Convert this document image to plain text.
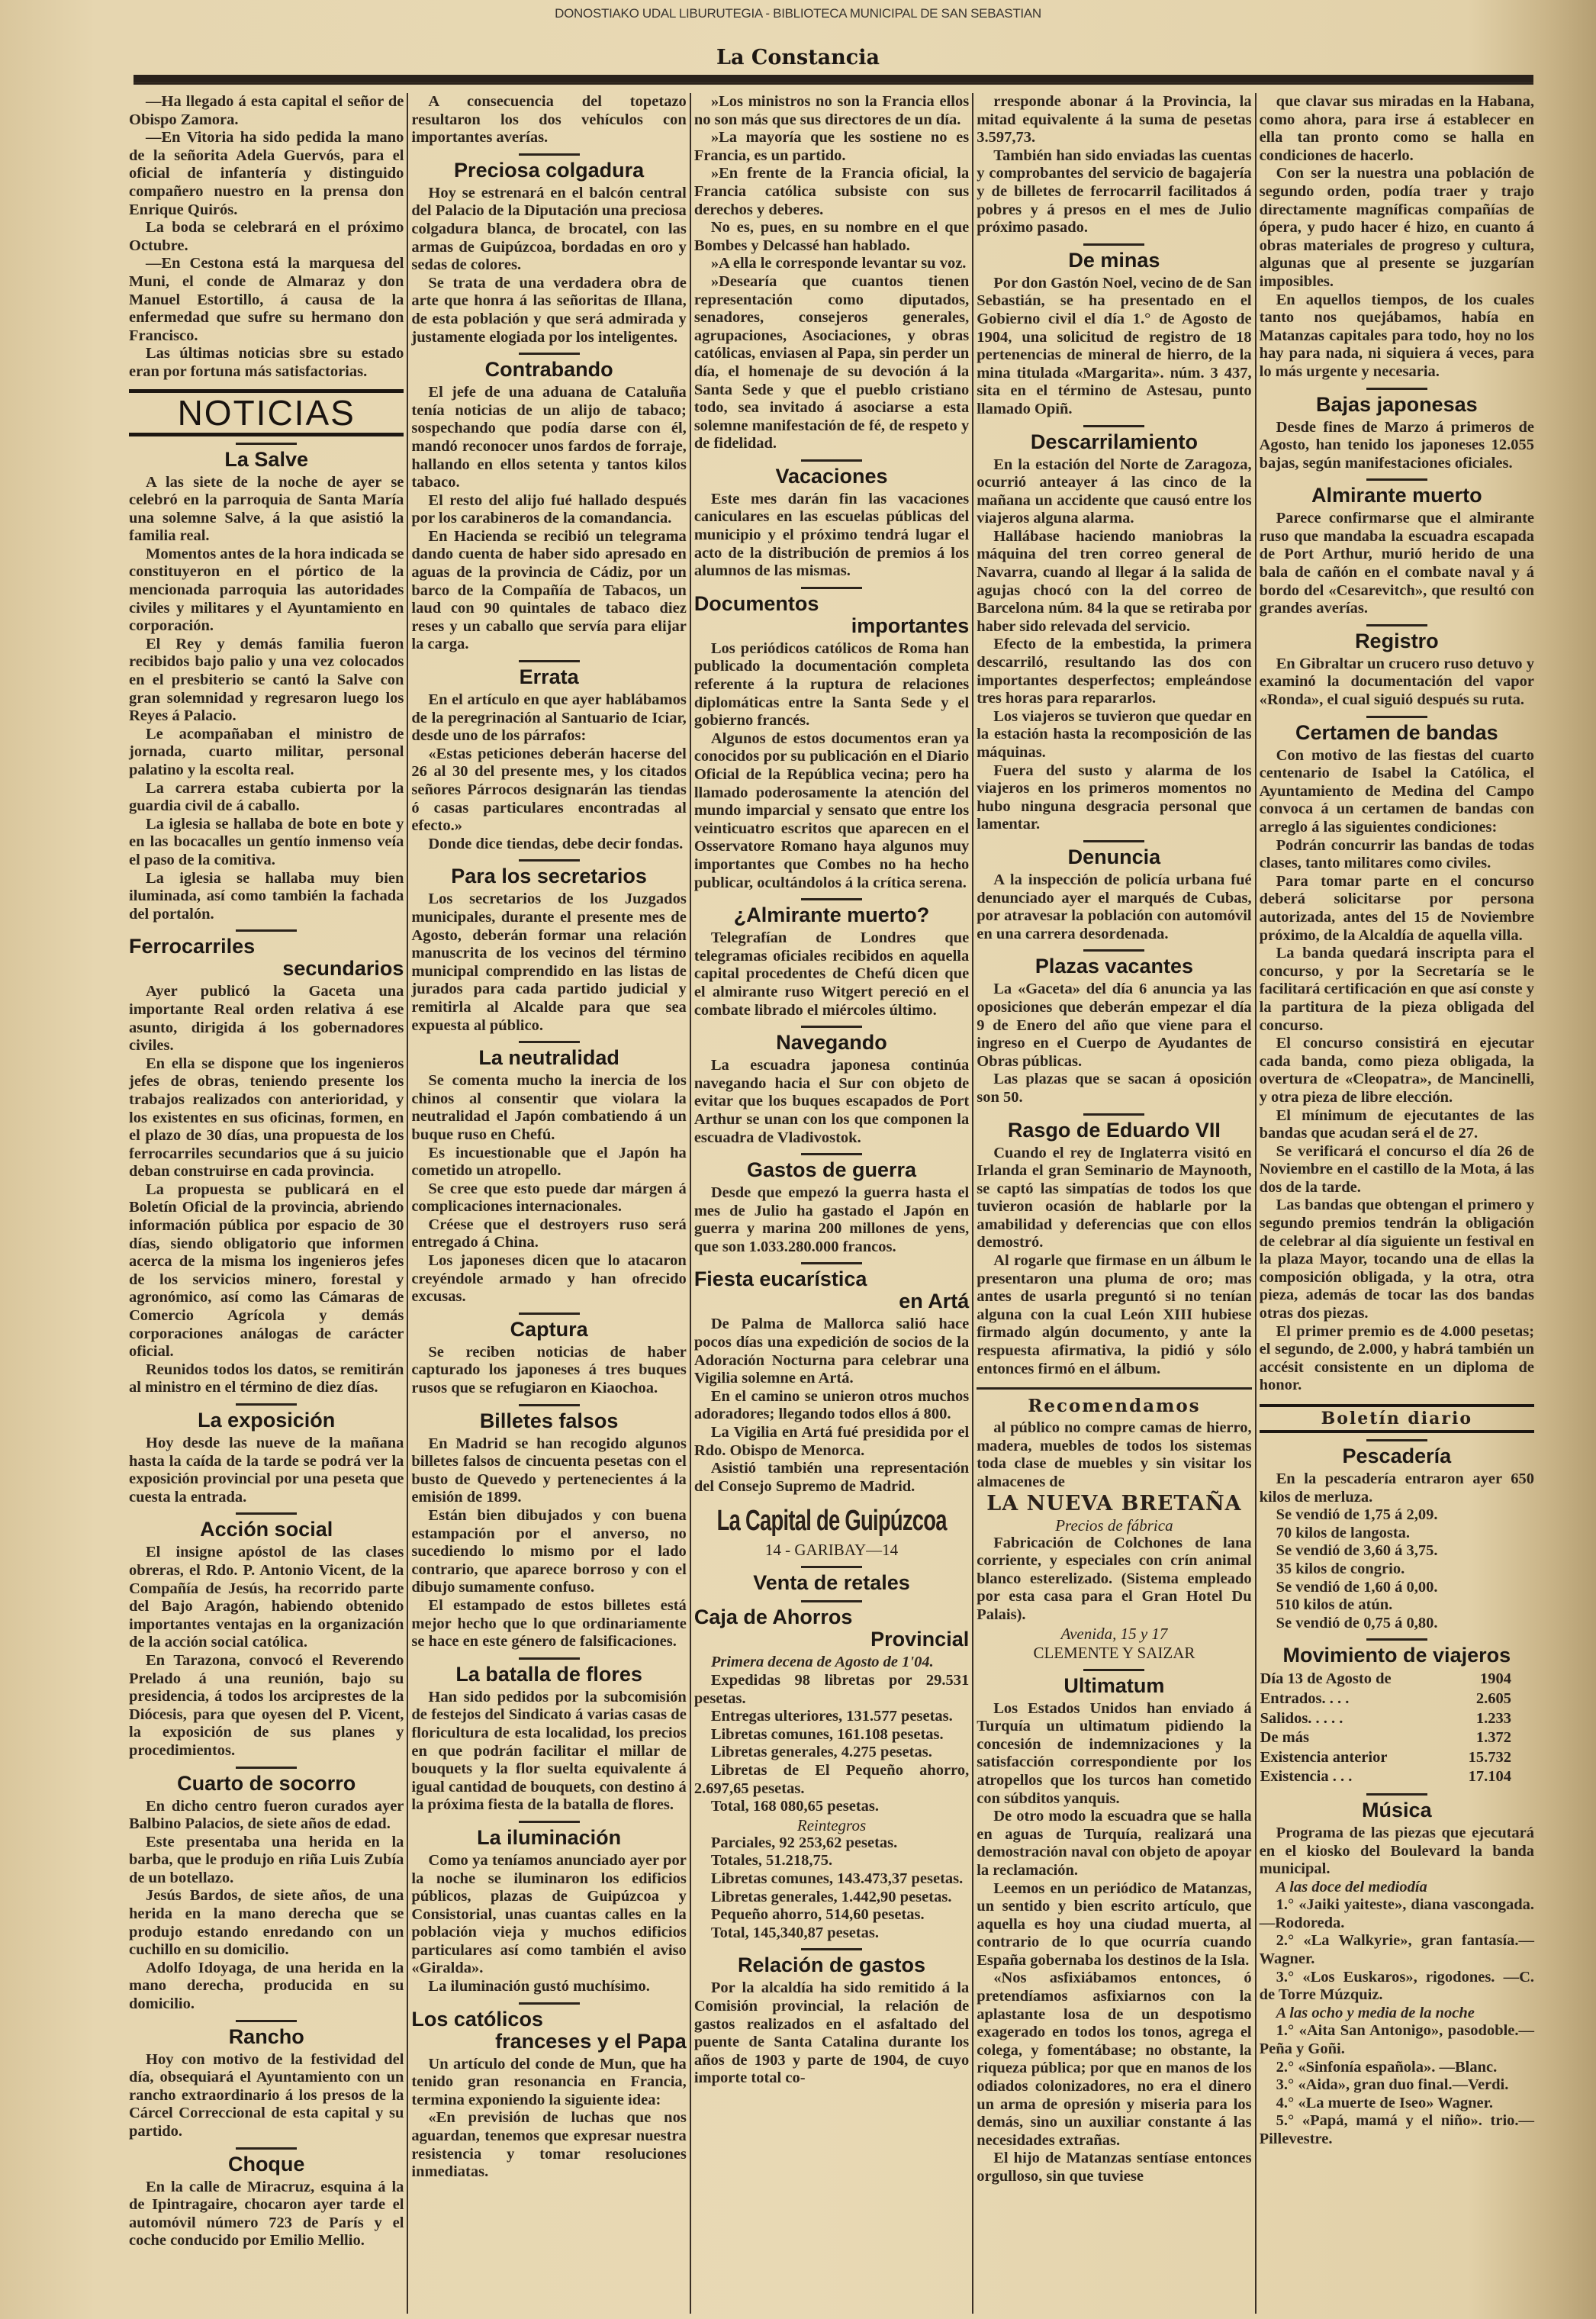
DONOSTIAKO UDAL LIBURUTEGIA - BIBLIOTECA MUNICIPAL DE SAN SEBASTIAN
La Constancia

—Ha llegado á esta capital el señor de Obispo Zamora.

—En Vitoria ha sido pedida la mano de la señorita Adela Guervós, para el oficial de infantería y distinguido compañero nuestro en la prensa don Enrique Quirós.

La boda se celebrará en el próximo Octubre.

—En Cestona está la marquesa del Muni, el conde de Almaraz y don Manuel Estortillo, á causa de la enfermedad que sufre su hermano don Francisco.

Las últimas noticias sbre su estado eran por fortuna más satisfactorias.

NOTICIAS
La Salve

A las siete de la noche de ayer se celebró en la parroquia de Santa María una solemne Salve, á la que asistió la familia real.

Momentos antes de la hora indicada se constituyeron en el pórtico de la mencionada parroquia las autoridades civiles y militares y el Ayuntamiento en corporación.

El Rey y demás familia fueron recibidos bajo palio y una vez colocados en el presbiterio se cantó la Salve con gran solemnidad y regresaron luego los Reyes á Palacio.

Le acompañaban el ministro de jornada, cuarto militar, personal palatino y la escolta real.

La carrera estaba cubierta por la guardia civil de á caballo.

La iglesia se hallaba de bote en bote y en las bocacalles un gentío inmenso veía el paso de la comitiva.

La iglesia se hallaba muy bien iluminada, así como también la fachada del portalón.

Ferrocarriles
secundarios

Ayer publicó la Gaceta una importante Real orden relativa á ese asunto, dirigida á los gobernadores civiles.

En ella se dispone que los ingenieros jefes de obras, teniendo presente los trabajos realizados con anterioridad, y los existentes en sus oficinas, formen, en el plazo de 30 días, una propuesta de los ferrocarriles secundarios que á su juicio deban construirse en cada provincia.

La propuesta se publicará en el Boletín Oficial de la provincia, abriendo información pública por espacio de 30 días, siendo obligatorio que informen acerca de la misma los ingenieros jefes de los servicios minero, forestal y agronómico, así como las Cámaras de Comercio Agrícola y demás corporaciones análogas de carácter oficial.

Reunidos todos los datos, se remitirán al ministro en el término de diez días.

La exposición

Hoy desde las nueve de la mañana hasta la caída de la tarde se podrá ver la exposición provincial por una peseta que cuesta la entrada.

Acción social

El insigne apóstol de las clases obreras, el Rdo. P. Antonio Vicent, de la Compañía de Jesús, ha recorrido parte del Bajo Aragón, habiendo obtenido importantes ventajas en la organización de la acción social católica.

En Tarazona, convocó el Reverendo Prelado á una reunión, bajo su presidencia, á todos los arciprestes de la Diócesis, para que oyesen del P. Vicent, la exposición de sus planes y procedimientos.

Cuarto de socorro

En dicho centro fueron curados ayer Balbino Palacios, de siete años de edad.

Este presentaba una herida en la barba, que le produjo en riña Luis Zubía de un botellazo.

Jesús Bardos, de siete años, de una herida en la mano derecha que se produjo estando enredando con un cuchillo en su domicilio.

Adolfo Idoyaga, de una herida en la mano derecha, producida en su domicilio.

Rancho

Hoy con motivo de la festividad del día, obsequiará el Ayuntamiento con un rancho extraordinario á los presos de la Cárcel Correccional de esta capital y su partido.

Choque

En la calle de Miracruz, esquina á la de Ipintragaire, chocaron ayer tarde el automóvil número 723 de París y el coche conducido por Emilio Mellio.

A consecuencia del topetazo resultaron los dos vehículos con importantes averías.

Preciosa colgadura

Hoy se estrenará en el balcón central del Palacio de la Diputación una preciosa colgadura blanca, de brocatel, con las armas de Guipúzcoa, bordadas en oro y sedas de colores.

Se trata de una verdadera obra de arte que honra á las señoritas de Illana, de esta población y que será admirada y justamente elogiada por los inteligentes.

Contrabando

El jefe de una aduana de Cataluña tenía noticias de un alijo de tabaco; sospechando que podía darse con él, mandó reconocer unos fardos de forraje, hallando en ellos setenta y tantos kilos tabaco.

El resto del alijo fué hallado después por los carabineros de la comandancia.

En Hacienda se recibió un telegrama dando cuenta de haber sido apresado en aguas de la provincia de Cádiz, por un barco de la Compañía de Tabacos, un laud con 90 quintales de tabaco diez reses y un caballo que servía para elijar la carga.

Errata

En el artículo en que ayer hablábamos de la peregrinación al Santuario de Iciar, desde uno de los párrafos:

«Estas peticiones deberán hacerse del 26 al 30 del presente mes, y los citados señores Párrocos designarán las tiendas ó casas particulares encontradas al efecto.»

Donde dice tiendas, debe decir fondas.

Para los secretarios

Los secretarios de los Juzgados municipales, durante el presente mes de Agosto, deberán formar una relación manuscrita de los vecinos del término municipal comprendido en las listas de jurados para cada partido judicial y remitirla al Alcalde para que sea expuesta al público.

La neutralidad

Se comenta mucho la inercia de los chinos al consentir que violara la neutralidad el Japón combatiendo á un buque ruso en Chefú.

Es incuestionable que el Japón ha cometido un atropello.

Se cree que esto puede dar márgen á complicaciones internacionales.

Créese que el destroyers ruso será entregado á China.

Los japoneses dicen que lo atacaron creyéndole armado y han ofrecido excusas.

Captura

Se reciben noticias de haber capturado los japoneses á tres buques rusos que se refugiaron en Kiaochoa.

Billetes falsos

En Madrid se han recogido algunos billetes falsos de cincuenta pesetas con el busto de Quevedo y pertenecientes á la emisión de 1899.

Están bien dibujados y con buena estampación por el anverso, no sucediendo lo mismo por el lado contrario, que aparece borroso y con el dibujo sumamente confuso.

El estampado de estos billetes está mejor hecho que lo que ordinariamente se hace en este género de falsificaciones.

La batalla de flores

Han sido pedidos por la subcomisión de festejos del Sindicato á varias casas de floricultura de esta localidad, los precios en que podrán facilitar el millar de bouquets y la flor suelta equivalente á igual cantidad de bouquets, con destino á la próxima fiesta de la batalla de flores.

La iluminación

Como ya teníamos anunciado ayer por la noche se iluminaron los edificios públicos, plazas de Guipúzcoa y Consistorial, unas cuantas calles en la población vieja y muchos edificios particulares así como también el aviso «Giralda».

La iluminación gustó muchísimo.

Los católicos
franceses y el Papa

Un artículo del conde de Mun, que ha tenido gran resonancia en Francia, termina exponiendo la siguiente idea:

«En previsión de luchas que nos aguardan, tenemos que expresar nuestra resistencia y tomar resoluciones inmediatas.

»Los ministros no son la Francia ellos no son más que sus directores de un día.

»La mayoría que les sostiene no es Francia, es un partido.

»En frente de la Francia oficial, la Francia católica subsiste con sus derechos y deberes.

No es, pues, en su nombre en el que Bombes y Delcassé han hablado.

»A ella le corresponde levantar su voz.

»Desearía que cuantos tienen representación como diputados, senadores, consejeros generales, agrupaciones, Asociaciones, y obras católicas, enviasen al Papa, sin perder un día, el homenaje de su devoción á la Santa Sede y que el pueblo cristiano todo, sea invitado á asociarse a esta solemne manifestación de fé, de respeto y de fidelidad.

Vacaciones

Este mes darán fin las vacaciones caniculares en las escuelas públicas del municipio y el próximo tendrá lugar el acto de la distribución de premios á los alumnos de las mismas.

Documentos
importantes

Los periódicos católicos de Roma han publicado la documentación completa referente á la ruptura de relaciones diplomáticas entre la Santa Sede y el gobierno francés.

Algunos de estos documentos eran ya conocidos por su publicación en el Diario Oficial de la República vecina; pero ha llamado poderosamente la atención del mundo imparcial y sensato que entre los veinticuatro escritos que aparecen en el Osservatore Romano haya algunos muy importantes que Combes no ha hecho publicar, ocultándolos á la crítica serena.

¿Almirante muerto?

Telegrafían de Londres que telegramas oficiales recibidos en aquella capital procedentes de Chefú dicen que el almirante ruso Witgert pereció en el combate librado el miércoles último.

Navegando

La escuadra japonesa continúa navegando hacia el Sur con objeto de evitar que los buques escapados de Port Arthur se unan con los que componen la escuadra de Vladivostok.

Gastos de guerra

Desde que empezó la guerra hasta el mes de Julio ha gastado el Japón en guerra y marina 200 millones de yens, que son 1.033.280.000 francos.

Fiesta eucarística
en Artá

De Palma de Mallorca salió hace pocos días una expedición de socios de la Adoración Nocturna para celebrar una Vigilia solemne en Artá.

En el camino se unieron otros muchos adoradores; llegando todos ellos á 800.

La Vigilia en Artá fué presidida por el Rdo. Obispo de Menorca.

Asistió también una representación del Consejo Supremo de Madrid.

La Capital de Guipúzcoa
14 - GARIBAY—14
Venta de retales
Caja de Ahorros
Provincial

Primera decena de Agosto de 1'04.

Expedidas 98 libretas por 29.531 pesetas.

Entregas ulteriores, 131.577 pesetas.

Libretas comunes, 161.108 pesetas.

Libretas generales, 4.275 pesetas.

Libretas de El Pequeño ahorro, 2.697,65 pesetas.

Total, 168 080,65 pesetas.

Reintegros

Parciales, 92 253,62 pesetas.

Totales, 51.218,75.

Libretas comunes, 143.473,37 pesetas.

Libretas generales, 1.442,90 pesetas.

Pequeño ahorro, 514,60 pesetas.

Total, 145,340,87 pesetas.

Relación de gastos

Por la alcaldía ha sido remitido á la Comisión provincial, la relación de gastos realizados en el asfaltado del puente de Santa Catalina durante los años de 1903 y parte de 1904, de cuyo importe total co-

rresponde abonar á la Provincia, la mitad equivalente á la suma de pesetas 3.597,73.

También han sido enviadas las cuentas y comprobantes del servicio de bagajería y de billetes de ferrocarril facilitados á pobres y á presos en el mes de Julio próximo pasado.

De minas

Por don Gastón Noel, vecino de de San Sebastián, se ha presentado en el Gobierno civil el día 1.° de Agosto de 1904, una solicitud de registro de 18 pertenencias de mineral de hierro, de la mina titulada «Margarita». núm. 3 437, sita en el término de Astesau, punto llamado Opiñ.

Descarrilamiento

En la estación del Norte de Zaragoza, ocurrió anteayer á las cinco de la mañana un accidente que causó entre los viajeros alguna alarma.

Hallábase haciendo maniobras la máquina del tren correo general de Navarra, cuando al llegar á la salida de agujas chocó con la del correo de Barcelona núm. 84 la que se retiraba por haber sido relevada del servicio.

Efecto de la embestida, la primera descarriló, resultando las dos con importantes desperfectos; empleándose tres horas para repararlos.

Los viajeros se tuvieron que quedar en la estación hasta la recomposición de las máquinas.

Fuera del susto y alarma de los viajeros en los primeros momentos no hubo ninguna desgracia personal que lamentar.

Denuncia

A la inspección de policía urbana fué denunciado ayer el marqués de Cubas, por atravesar la población con automóvil en una carrera desordenada.

Plazas vacantes

La «Gaceta» del día 6 anuncia ya las oposiciones que deberán empezar el día 9 de Enero del año que viene para el ingreso en el Cuerpo de Ayudantes de Obras públicas.

Las plazas que se sacan á oposición son 50.

Rasgo de Eduardo VII

Cuando el rey de Inglaterra visitó en Irlanda el gran Seminario de Maynooth, se captó las simpatías de todos los que tuvieron ocasión de hablarle por la amabilidad y deferencias que con ellos demostró.

Al rogarle que firmase en un álbum le presentaron una pluma de oro; mas antes de usarla preguntó si no tenían alguna con la cual León XIII hubiese firmado algún documento, y ante la respuesta afirmativa, la pidió y sólo entonces firmó en el álbum.

Recomendamos

al público no compre camas de hierro, madera, muebles de todos los sistemas toda clase de muebles y sin visitar los almacenes de

LA NUEVA BRETAÑA
Precios de fábrica

Fabricación de Colchones de lana corriente, y especiales con crín animal blanco esterelizado. (Sistema empleado por esta casa para el Gran Hotel Du Palais).

Avenida, 15 y 17
CLEMENTE Y SAIZAR
Ultimatum

Los Estados Unidos han enviado á Turquía un ultimatum pidiendo la concesión de indemnizaciones y la satisfacción correspondiente por los atropellos que los turcos han cometido con súbditos yanquis.

De otro modo la escuadra que se halla en aguas de Turquía, realizará una demostración naval con objeto de apoyar la reclamación.

Leemos en un periódico de Matanzas, un sentido y bien escrito artículo, que aquella es hoy una ciudad muerta, al contrario de lo que ocurría cuando España gobernaba los destinos de la Isla.

«Nos asfixiábamos entonces, ó pretendíamos asfixiarnos con la aplastante losa de un despotismo exagerado en todos los tonos, agrega el colega, y fomentábase; no obstante, la riqueza pública; por que en manos de los odiados colonizadores, no era el dinero un arma de opresión y miseria para los demás, sino un auxiliar constante á las necesidades extrañas.

El hijo de Matanzas sentíase entonces orgulloso, sin que tuviese

que clavar sus miradas en la Habana, como ahora, para irse á establecer en ella tan pronto como se halla en condiciones de hacerlo.

Con ser la nuestra una población de segundo orden, podía traer y trajo directamente magníficas compañías de ópera, y pudo hacer é hizo, en cuanto á obras materiales de progreso y cultura, algunas que al presente se juzgarían imposibles.

En aquellos tiempos, de los cuales tanto nos quejábamos, había en Matanzas capitales para todo, hoy no los hay para nada, ni siquiera á veces, para lo más urgente y necesaria.

Bajas japonesas

Desde fines de Marzo á primeros de Agosto, han tenido los japoneses 12.055 bajas, según manifestaciones oficiales.

Almirante muerto

Parece confirmarse que el almirante ruso que mandaba la escuadra escapada de Port Arthur, murió herido de una bala de cañón en el combate naval y á bordo del «Cesarevitch», que resultó con grandes averías.

Registro

En Gibraltar un crucero ruso detuvo y examinó la documentación del vapor «Ronda», el cual siguió después su ruta.

Certamen de bandas

Con motivo de las fiestas del cuarto centenario de Isabel la Católica, el Ayuntamiento de Medina del Campo convoca á un certamen de bandas con arreglo á las siguientes condiciones:

Podrán concurrir las bandas de todas clases, tanto militares como civiles.

Para tomar parte en el concurso deberá solicitarse por persona autorizada, antes del 15 de Noviembre próximo, de la Alcaldía de aquella villa.

La banda quedará inscripta para el concurso, y por la Secretaría se le facilitará certificación en que así conste y la partitura de la pieza obligada del concurso.

El concurso consistirá en ejecutar cada banda, como pieza obligada, la overtura de «Cleopatra», de Mancinelli, y otra pieza de libre elección.

El mínimum de ejecutantes de las bandas que acudan será el de 27.

Se verificará el concurso el día 26 de Noviembre en el castillo de la Mota, á las dos de la tarde.

Las bandas que obtengan el primero y segundo premios tendrán la obligación de celebrar al día siguiente un festival en la plaza Mayor, tocando una de ellas la composición obligada, y la otra, otra pieza, además de tocar las dos bandas otras dos piezas.

El primer premio es de 4.000 pesetas; el segundo, de 2.000, y habrá también un accésit consistente en un diploma de honor.

Boletín diario
Pescadería

En la pescadería entraron ayer 650 kilos de merluza.

Se vendió de 1,75 á 2,09.

70 kilos de langosta.

Se vendió de 3,60 á 3,75.

35 kilos de congrio.

Se vendió de 1,60 á 0,00.

510 kilos de atún.

Se vendió de 0,75 á 0,80.

Movimiento de viajeros
Día 13 de Agosto de	1904
Entrados. . . .	2.605
Salidos. . . . .	1.233
De más	1.372
Existencia anterior	15.732
Existencia . . .	17.104
Música

Programa de las piezas que ejecutará en el kiosko del Boulevard la banda municipal.

A las doce del mediodía

1.° «Jaiki yaiteste», diana vascongada.—Rodoreda.

2.° «La Walkyrie», gran fantasía.—Wagner.

3.° «Los Euskaros», rigodones. —C. de Torre Múzquiz.

A las ocho y media de la noche

1.° «Aita San Antonigo», pasodoble.—Peña y Goñi.

2.° «Sinfonía española». —Blanc.

3.° «Aida», gran duo final.—Verdi.

4.° «La muerte de Iseo» Wagner.

5.° «Papá, mamá y el niño». trio.—Pillevestre.
